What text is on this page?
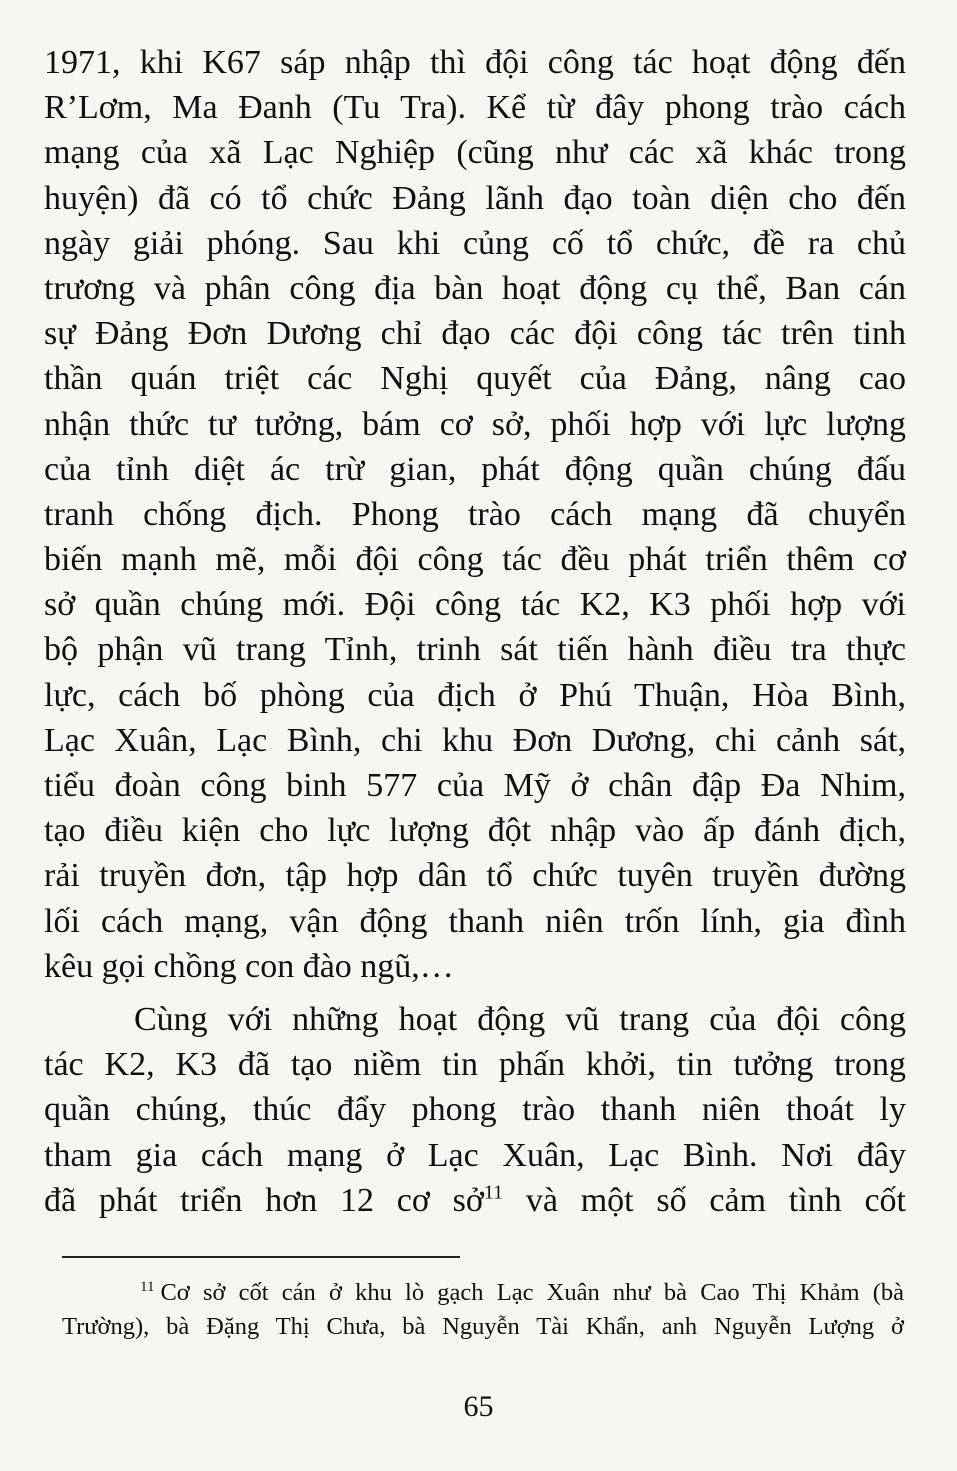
1971, khi K67 sáp nhập thì đội công tác hoạt động đến
R’Lơm, Ma Đanh (Tu Tra). Kể từ đây phong trào cách
mạng của xã Lạc Nghiệp (cũng như các xã khác trong
huyện) đã có tổ chức Đảng lãnh đạo toàn diện cho đến
ngày giải phóng. Sau khi củng cố tổ chức, đề ra chủ
trương và phân công địa bàn hoạt động cụ thể, Ban cán
sự Đảng Đơn Dương chỉ đạo các đội công tác trên tinh
thần quán triệt các Nghị quyết của Đảng, nâng cao
nhận thức tư tưởng, bám cơ sở, phối hợp với lực lượng
của tỉnh diệt ác trừ gian, phát động quần chúng đấu
tranh chống địch. Phong trào cách mạng đã chuyển
biến mạnh mẽ, mỗi đội công tác đều phát triển thêm cơ
sở quần chúng mới. Đội công tác K2, K3 phối hợp với
bộ phận vũ trang Tỉnh, trinh sát tiến hành điều tra thực
lực, cách bố phòng của địch ở Phú Thuận, Hòa Bình,
Lạc Xuân, Lạc Bình, chi khu Đơn Dương, chi cảnh sát,
tiểu đoàn công binh 577 của Mỹ ở chân đập Đa Nhim,
tạo điều kiện cho lực lượng đột nhập vào ấp đánh địch,
rải truyền đơn, tập hợp dân tổ chức tuyên truyền đường
lối cách mạng, vận động thanh niên trốn lính, gia đình
kêu gọi chồng con đào ngũ,…
Cùng với những hoạt động vũ trang của đội công
tác K2, K3 đã tạo niềm tin phấn khởi, tin tưởng trong
quần chúng, thúc đẩy phong trào thanh niên thoát ly
tham gia cách mạng ở Lạc Xuân, Lạc Bình. Nơi đây
đã phát triển hơn 12 cơ sở$^{11}$ và một số cảm tình cốt
$^{11}$ Cơ sở cốt cán ở khu lò gạch Lạc Xuân như bà Cao Thị Khảm (bà
Trường), bà Đặng Thị Chưa, bà Nguyễn Tài Khẩn, anh Nguyễn Lượng ở
65
